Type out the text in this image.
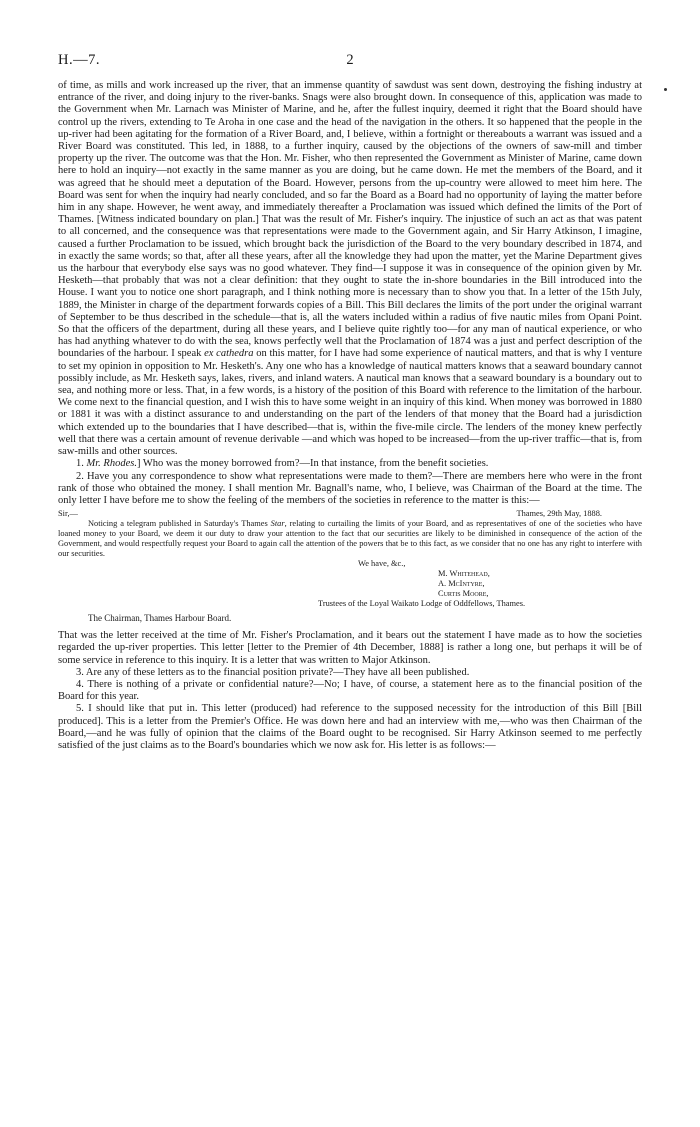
H.—7.	2

of time, as mills and work increased up the river, that an immense quantity of sawdust was sent down, destroying the fishing industry at entrance of the river, and doing injury to the river-banks. Snags were also brought down. In consequence of this, application was made to the Government when Mr. Larnach was Minister of Marine, and he, after the fullest inquiry, deemed it right that the Board should have control up the rivers, extending to Te Aroha in one case and the head of the navigation in the others. It so happened that the people in the up-river had been agitating for the formation of a River Board, and, I believe, within a fortnight or thereabouts a warrant was issued and a River Board was constituted. This led, in 1888, to a further inquiry, caused by the objections of the owners of saw-mill and timber property up the river. The outcome was that the Hon. Mr. Fisher, who then represented the Government as Minister of Marine, came down here to hold an inquiry—not exactly in the same manner as you are doing, but he came down. He met the members of the Board, and it was agreed that he should meet a deputation of the Board. However, persons from the up-country were allowed to meet him here. The Board was sent for when the inquiry had nearly concluded, and so far the Board as a Board had no opportunity of laying the matter before him in any shape. However, he went away, and immediately thereafter a Proclamation was issued which defined the limits of the Port of Thames. [Witness indicated boundary on plan.] That was the result of Mr. Fisher's inquiry. The injustice of such an act as that was patent to all concerned, and the consequence was that representations were made to the Government again, and Sir Harry Atkinson, I imagine, caused a further Proclamation to be issued, which brought back the jurisdiction of the Board to the very boundary described in 1874, and in exactly the same words; so that, after all these years, after all the knowledge they had upon the matter, yet the Marine Department gives us the harbour that everybody else says was no good whatever. They find—I suppose it was in consequence of the opinion given by Mr. Hesketh—that probably that was not a clear definition: that they ought to state the in-shore boundaries in the Bill introduced into the House. I want you to notice one short paragraph, and I think nothing more is necessary than to show you that. In a letter of the 15th July, 1889, the Minister in charge of the department forwards copies of a Bill. This Bill declares the limits of the port under the original warrant of September to be thus described in the schedule—that is, all the waters included within a radius of five nautic miles from Opani Point. So that the officers of the department, during all these years, and I believe quite rightly too—for any man of nautical experience, or who has had anything whatever to do with the sea, knows perfectly well that the Proclamation of 1874 was a just and perfect description of the boundaries of the harbour. I speak ex cathedra on this matter, for I have had some experience of nautical matters, and that is why I venture to set my opinion in opposition to Mr. Hesketh's. Any one who has a knowledge of nautical matters knows that a seaward boundary cannot possibly include, as Mr. Hesketh says, lakes, rivers, and inland waters. A nautical man knows that a seaward boundary is a boundary out to sea, and nothing more or less. That, in a few words, is a history of the position of this Board with reference to the limitation of the harbour. We come next to the financial question, and I wish this to have some weight in an inquiry of this kind. When money was borrowed in 1880 or 1881 it was with a distinct assurance to and understanding on the part of the lenders of that money that the Board had a jurisdiction which extended up to the boundaries that I have described—that is, within the five-mile circle. The lenders of the money knew perfectly well that there was a certain amount of revenue derivable —and which was hoped to be increased—from the up-river traffic—that is, from saw-mills and other sources.

1. Mr. Rhodes.] Who was the money borrowed from?—In that instance, from the benefit societies.

2. Have you any correspondence to show what representations were made to them?—There are members here who were in the front rank of those who obtained the money. I shall mention Mr. Bagnall's name, who, I believe, was Chairman of the Board at the time. The only letter I have before me to show the feeling of the members of the societies in reference to the matter is this:—

Sir,—	Thames, 29th May, 1888.

Noticing a telegram published in Saturday's Thames Star, relating to curtailing the limits of your Board, and as representatives of one of the societies who have loaned money to your Board, we deem it our duty to draw your attention to the fact that our securities are likely to be diminished in consequence of the action of the Government, and would respectfully request your Board to again call the attention of the powers that be to this fact, as we consider that no one has any right to interfere with our securities.

We have, &c.,
M. Whitehead,
A. McIntyre,
Curtis Moore,
Trustees of the Loyal Waikato Lodge of Oddfellows, Thames.
The Chairman, Thames Harbour Board.

That was the letter received at the time of Mr. Fisher's Proclamation, and it bears out the statement I have made as to how the societies regarded the up-river properties. This letter [letter to the Premier of 4th December, 1888] is rather a long one, but perhaps it will be of some service in reference to this inquiry. It is a letter that was written to Major Atkinson.

3. Are any of these letters as to the financial position private?—They have all been published.

4. There is nothing of a private or confidential nature?—No; I have, of course, a statement here as to the financial position of the Board for this year.

5. I should like that put in. This letter (produced) had reference to the supposed necessity for the introduction of this Bill [Bill produced]. This is a letter from the Premier's Office. He was down here and had an interview with me,—who was then Chairman of the Board,—and he was fully of opinion that the claims of the Board ought to be recognised. Sir Harry Atkinson seemed to me perfectly satisfied of the just claims as to the Board's boundaries which we now ask for. His letter is as follows:—
